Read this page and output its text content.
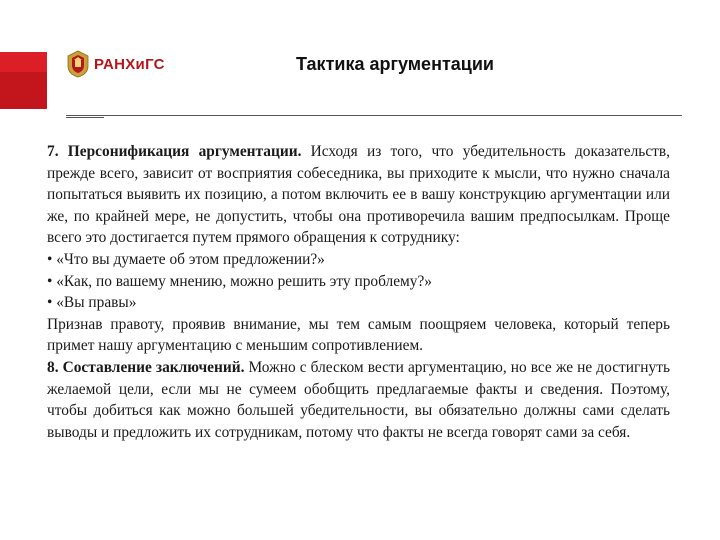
РАНХиГС	Тактика аргументации

7. Персонификация аргументации. Исходя из того, что убедительность доказательств, прежде всего, зависит от восприятия собеседника, вы приходите к мысли, что нужно сначала попытаться выявить их позицию, а потом включить ее в вашу конструкцию аргументации или же, по крайней мере, не допустить, чтобы она противоречила вашим предпосылкам. Проще всего это достигается путем прямого обращения к сотруднику:

• «Что вы думаете об этом предложении?»

• «Как, по вашему мнению, можно решить эту проблему?»

• «Вы правы»

Признав правоту, проявив внимание, мы тем самым поощряем человека, который теперь примет нашу аргументацию с меньшим сопротивлением.

8. Составление заключений. Можно с блеском вести аргументацию, но все же не достигнуть желаемой цели, если мы не сумеем обобщить предлагаемые факты и сведения. Поэтому, чтобы добиться как можно большей убедительности, вы обязательно должны сами сделать выводы и предложить их сотрудникам, потому что факты не всегда говорят сами за себя.
